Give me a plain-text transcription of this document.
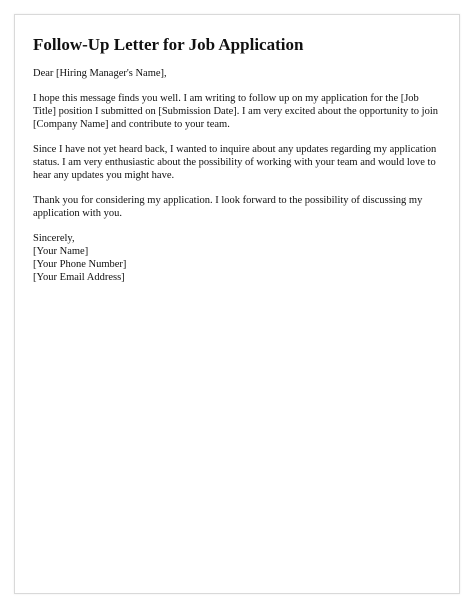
Follow-Up Letter for Job Application

Dear [Hiring Manager's Name],

I hope this message finds you well. I am writing to follow up on my application for the [Job Title] position I submitted on [Submission Date]. I am very excited about the opportunity to join [Company Name] and contribute to your team.

Since I have not yet heard back, I wanted to inquire about any updates regarding my application status. I am very enthusiastic about the possibility of working with your team and would love to hear any updates you might have.

Thank you for considering my application. I look forward to the possibility of discussing my application with you.

Sincerely,

[Your Name]

[Your Phone Number]

[Your Email Address]
